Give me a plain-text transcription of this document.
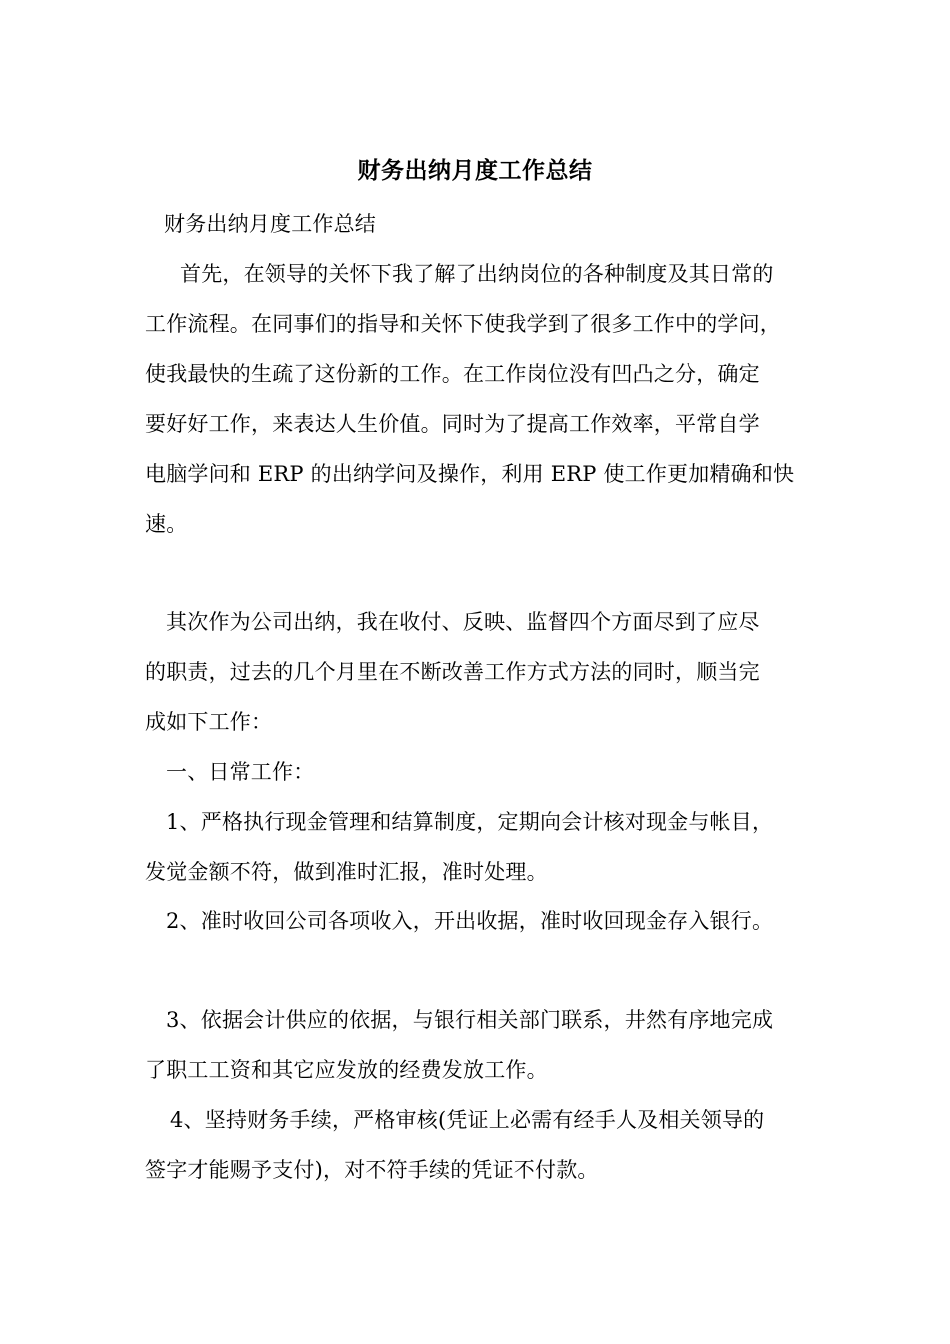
财务出纳月度工作总结
财务出纳月度工作总结
首先，在领导的关怀下我了解了出纳岗位的各种制度及其日常的
工作流程。在同事们的指导和关怀下使我学到了很多工作中的学问，
使我最快的生疏了这份新的工作。在工作岗位没有凹凸之分，确定
要好好工作，来表达人生价值。同时为了提高工作效率，平常自学
电脑学问和 ERP 的出纳学问及操作，利用 ERP 使工作更加精确和快
速。
其次作为公司出纳，我在收付、反映、监督四个方面尽到了应尽
的职责，过去的几个月里在不断改善工作方式方法的同时，顺当完
成如下工作：
一、日常工作：
1、严格执行现金管理和结算制度，定期向会计核对现金与帐目，
发觉金额不符，做到准时汇报，准时处理。
2、准时收回公司各项收入，开出收据，准时收回现金存入银行。
3、依据会计供应的依据，与银行相关部门联系，井然有序地完成
了职工工资和其它应发放的经费发放工作。
4、坚持财务手续，严格审核(凭证上必需有经手人及相关领导的
签字才能赐予支付)，对不符手续的凭证不付款。
